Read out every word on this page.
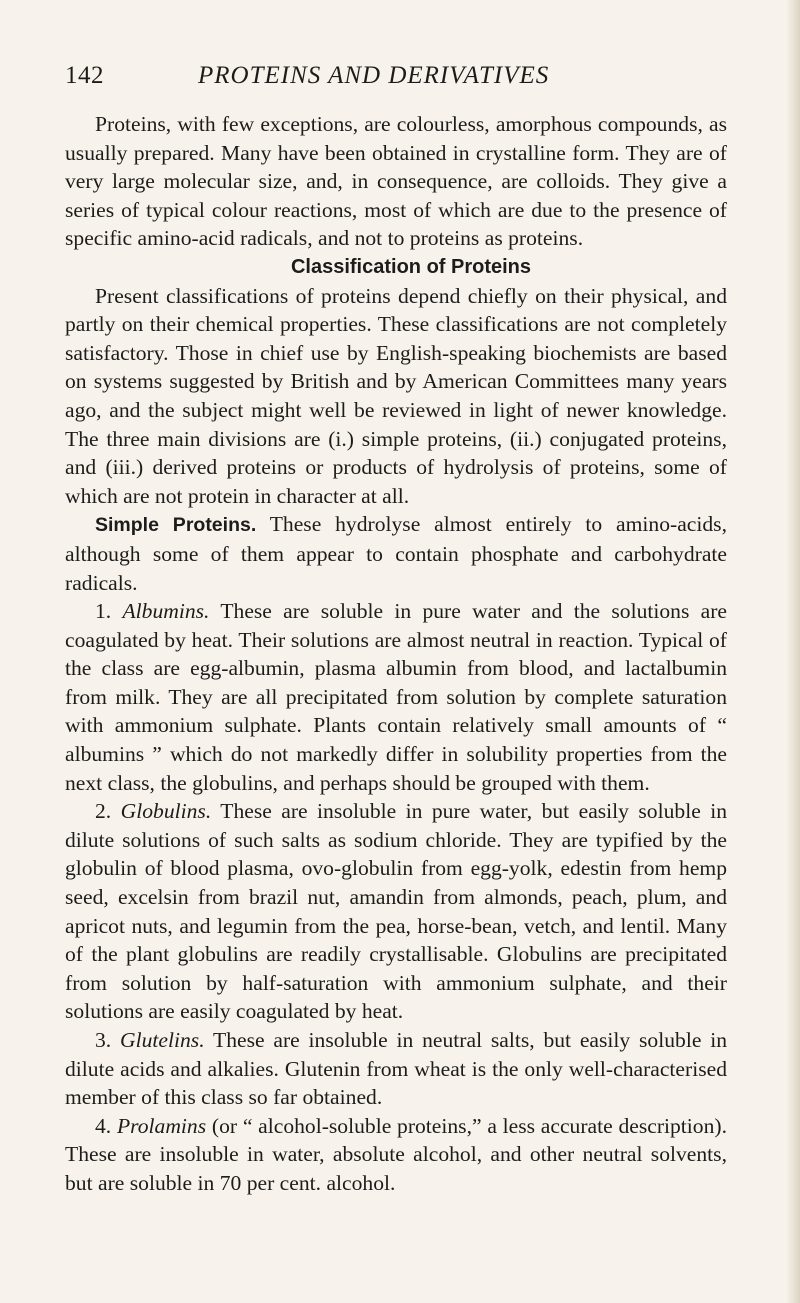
142	PROTEINS AND DERIVATIVES

Proteins, with few exceptions, are colourless, amorphous compounds, as usually prepared. Many have been obtained in crystalline form. They are of very large molecular size, and, in consequence, are colloids. They give a series of typical colour reactions, most of which are due to the presence of specific amino-acid radicals, and not to proteins as proteins.

Classification of Proteins

Present classifications of proteins depend chiefly on their physical, and partly on their chemical properties. These classifications are not completely satisfactory. Those in chief use by English-speaking biochemists are based on systems suggested by British and by American Committees many years ago, and the subject might well be reviewed in light of newer knowledge. The three main divisions are (i.) simple proteins, (ii.) conjugated proteins, and (iii.) derived proteins or products of hydrolysis of proteins, some of which are not protein in character at all.

Simple Proteins. These hydrolyse almost entirely to amino-acids, although some of them appear to contain phosphate and carbohydrate radicals.

1. Albumins. These are soluble in pure water and the solutions are coagulated by heat. Their solutions are almost neutral in reaction. Typical of the class are egg-albumin, plasma albumin from blood, and lactalbumin from milk. They are all precipitated from solution by complete saturation with ammonium sulphate. Plants contain relatively small amounts of “ albumins ” which do not markedly differ in solubility properties from the next class, the globulins, and perhaps should be grouped with them.

2. Globulins. These are insoluble in pure water, but easily soluble in dilute solutions of such salts as sodium chloride. They are typified by the globulin of blood plasma, ovo-globulin from egg-yolk, edestin from hemp seed, excelsin from brazil nut, amandin from almonds, peach, plum, and apricot nuts, and legumin from the pea, horse-bean, vetch, and lentil. Many of the plant globulins are readily crystallisable. Globulins are precipitated from solution by half-saturation with ammonium sulphate, and their solutions are easily coagulated by heat.

3. Glutelins. These are insoluble in neutral salts, but easily soluble in dilute acids and alkalies. Glutenin from wheat is the only well-characterised member of this class so far obtained.

4. Prolamins (or “ alcohol-soluble proteins,” a less accurate description). These are insoluble in water, absolute alcohol, and other neutral solvents, but are soluble in 70 per cent. alcohol.
